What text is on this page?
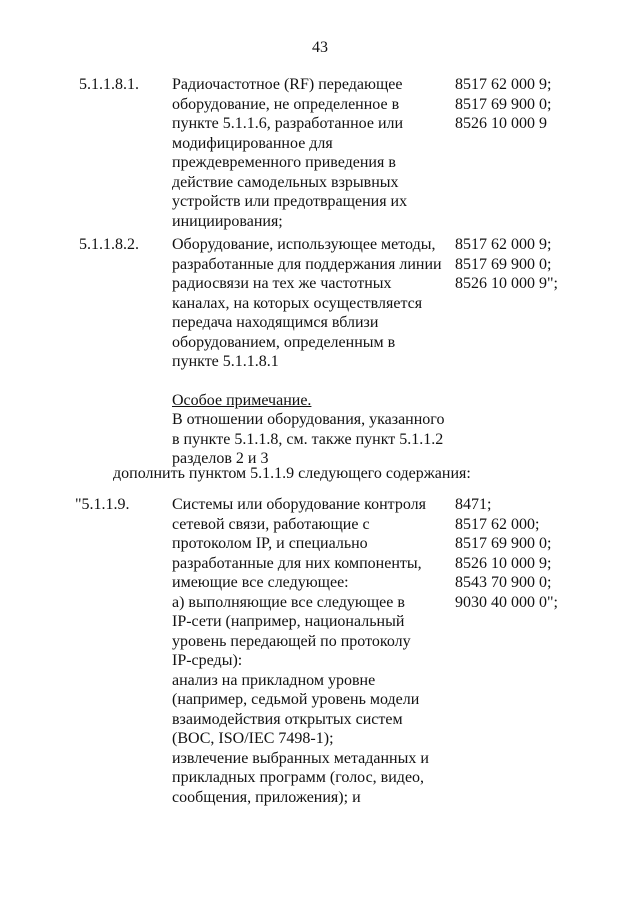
43
5.1.1.8.1. Радиочастотное (RF) передающее
оборудование, не определенное в
пункте 5.1.1.6, разработанное или
модифицированное для
преждевременного приведения в
действие самодельных взрывных
устройств или предотвращения их
инициирования;
8517 62 000 9;
8517 69 900 0;
8526 10 000 9
5.1.1.8.2. Оборудование, использующее методы,
разработанные для поддержания линии
радиосвязи на тех же частотных
каналах, на которых осуществляется
передача находящимся вблизи
оборудованием, определенным в
пункте 5.1.1.8.1
Особое примечание.
В отношении оборудования, указанного
в пункте 5.1.1.8, см. также пункт 5.1.1.2
разделов 2 и 3
8517 62 000 9;
8517 69 900 0;
8526 10 000 9";
дополнить пунктом 5.1.1.9 следующего содержания:
"5.1.1.9.	Системы или оборудование контроля
сетевой связи, работающие с
протоколом IP, и специально
разработанные для них компоненты,
имеющие все следующее:
а) выполняющие все следующее в
IP-сети (например, национальный
уровень передающей по протоколу
IP-среды):
анализ на прикладном уровне
(например, седьмой уровень модели
взаимодействия открытых систем
(ВОС, ISO/IEC 7498-1);
извлечение выбранных метаданных и
прикладных программ (голос, видео,
сообщения, приложения); и
8471;
8517 62 000;
8517 69 900 0;
8526 10 000 9;
8543 70 900 0;
9030 40 000 0";
